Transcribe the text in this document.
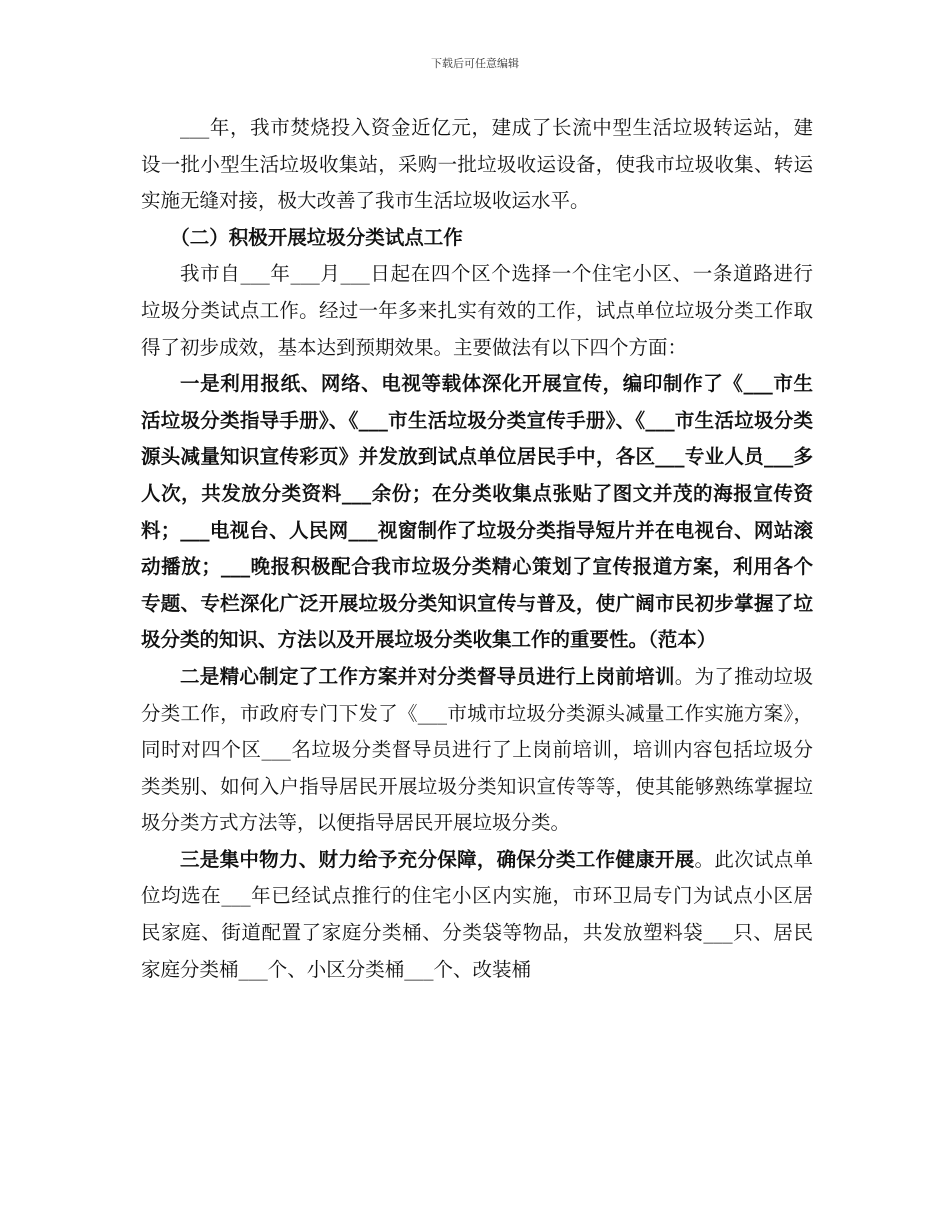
下载后可任意编辑

___年，我市焚烧投入资金近亿元，建成了长流中型生活垃圾转运站，建设一批小型生活垃圾收集站，采购一批垃圾收运设备，使我市垃圾收集、转运实施无缝对接，极大改善了我市生活垃圾收运水平。

（二）积极开展垃圾分类试点工作

我市自___年___月___日起在四个区个选择一个住宅小区、一条道路进行垃圾分类试点工作。经过一年多来扎实有效的工作，试点单位垃圾分类工作取得了初步成效，基本达到预期效果。主要做法有以下四个方面：

一是利用报纸、网络、电视等载体深化开展宣传，编印制作了《___市生活垃圾分类指导手册》、《___市生活垃圾分类宣传手册》、《___市生活垃圾分类源头减量知识宣传彩页》并发放到试点单位居民手中，各区___专业人员___多人次，共发放分类资料___余份；在分类收集点张贴了图文并茂的海报宣传资料；___电视台、人民网___视窗制作了垃圾分类指导短片并在电视台、网站滚动播放；___晚报积极配合我市垃圾分类精心策划了宣传报道方案，利用各个专题、专栏深化广泛开展垃圾分类知识宣传与普及，使广阔市民初步掌握了垃圾分类的知识、方法以及开展垃圾分类收集工作的重要性。（范本）

二是精心制定了工作方案并对分类督导员进行上岗前培训。为了推动垃圾分类工作，市政府专门下发了《___市城市垃圾分类源头减量工作实施方案》，同时对四个区___名垃圾分类督导员进行了上岗前培训，培训内容包括垃圾分类类别、如何入户指导居民开展垃圾分类知识宣传等等，使其能够熟练掌握垃圾分类方式方法等，以便指导居民开展垃圾分类。

三是集中物力、财力给予充分保障，确保分类工作健康开展。此次试点单位均选在___年已经试点推行的住宅小区内实施，市环卫局专门为试点小区居民家庭、街道配置了家庭分类桶、分类袋等物品，共发放塑料袋___只、居民家庭分类桶___个、小区分类桶___个、改装桶
